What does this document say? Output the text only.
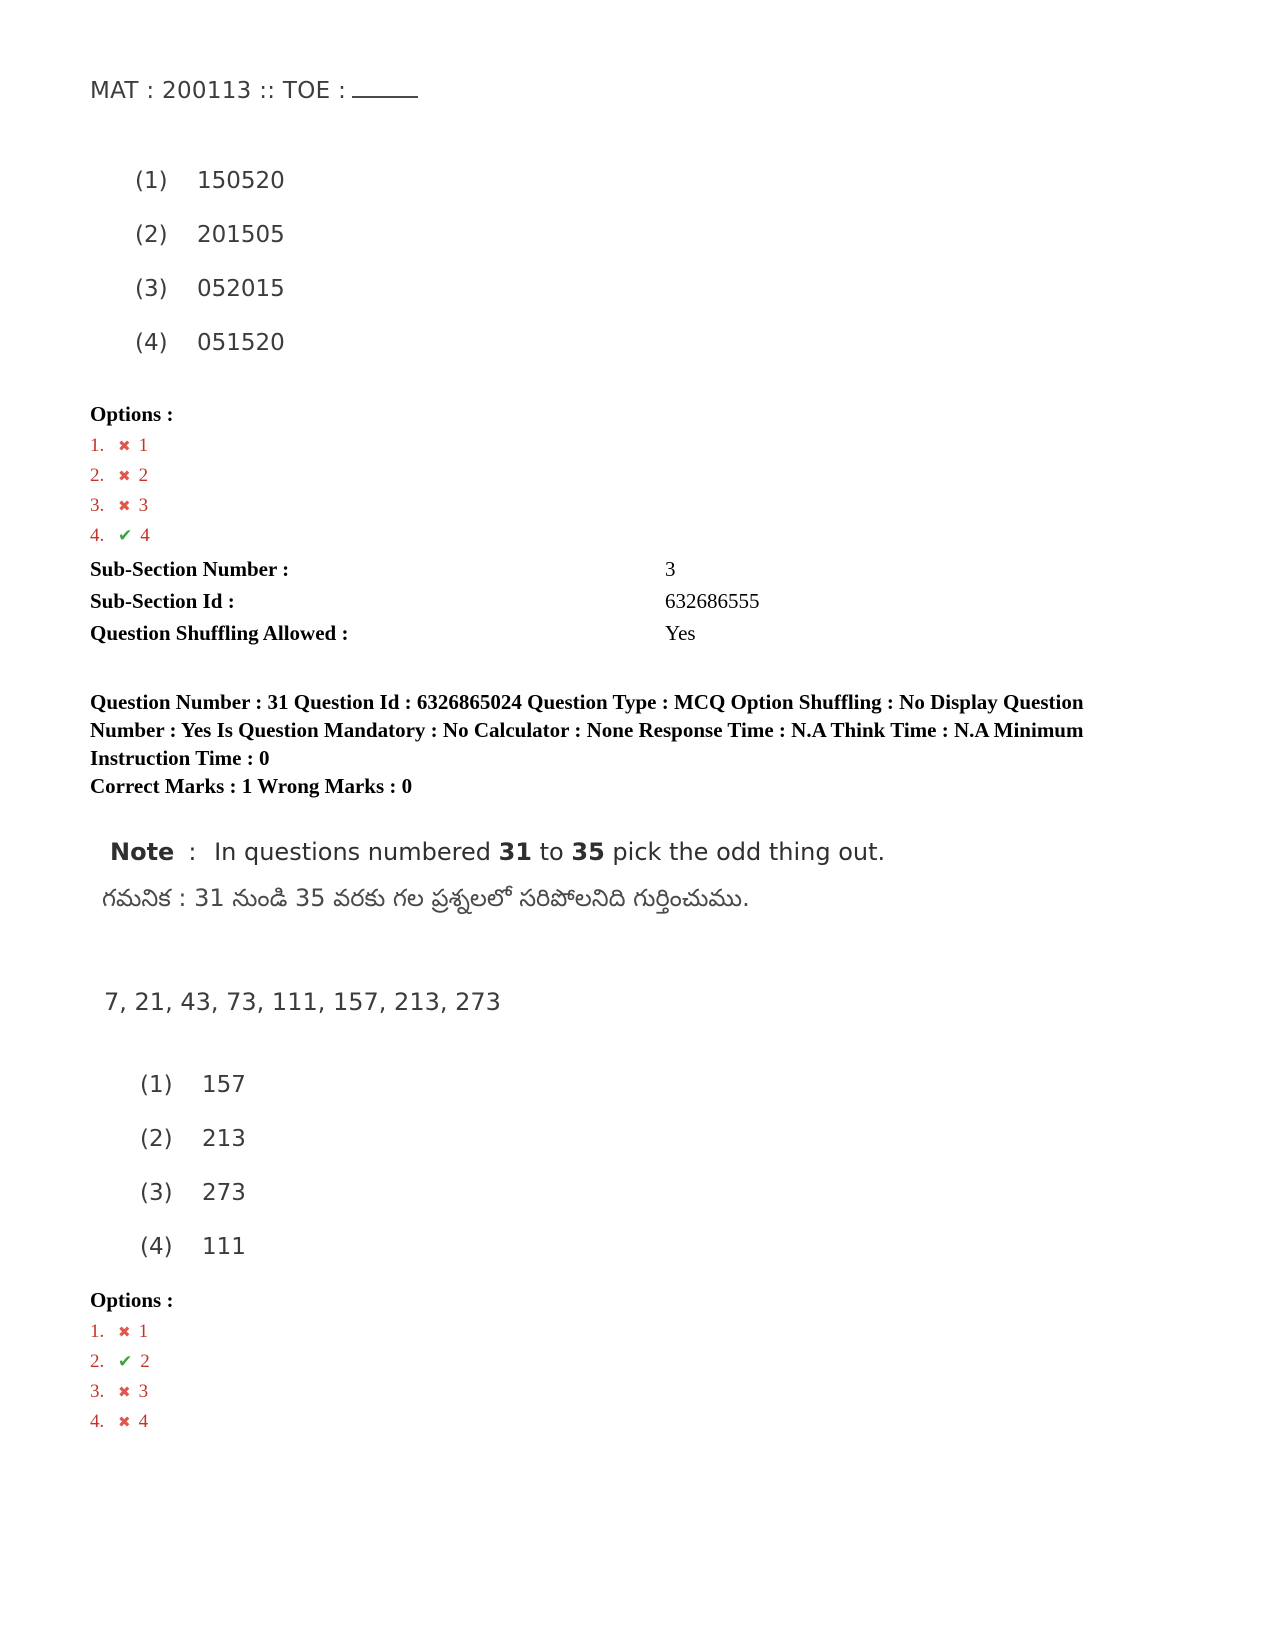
MAT : 200113 :: TOE :
(1)	150520
(2)	201505
(3)	052015
(4)	051520
Options :
1. ✖ 1
2. ✖ 2
3. ✖ 3
4. ✔ 4
Sub-Section Number :	3
Sub-Section Id :	632686555
Question Shuffling Allowed :	Yes
Question Number : 31 Question Id : 6326865024 Question Type : MCQ Option Shuffling : No Display Question Number : Yes Is Question Mandatory : No Calculator : None Response Time : N.A Think Time : N.A Minimum Instruction Time : 0
Correct Marks : 1 Wrong Marks : 0
Note : In questions numbered 31 to 35 pick the odd thing out.
గమనిక : 31 నుండి 35 వరకు గల ప్రశ్నలలో సరిపోలనిది గుర్తించుము.
7, 21, 43, 73, 111, 157, 213, 273
(1)	157
(2)	213
(3)	273
(4)	111
Options :
1. ✖ 1
2. ✔ 2
3. ✖ 3
4. ✖ 4
